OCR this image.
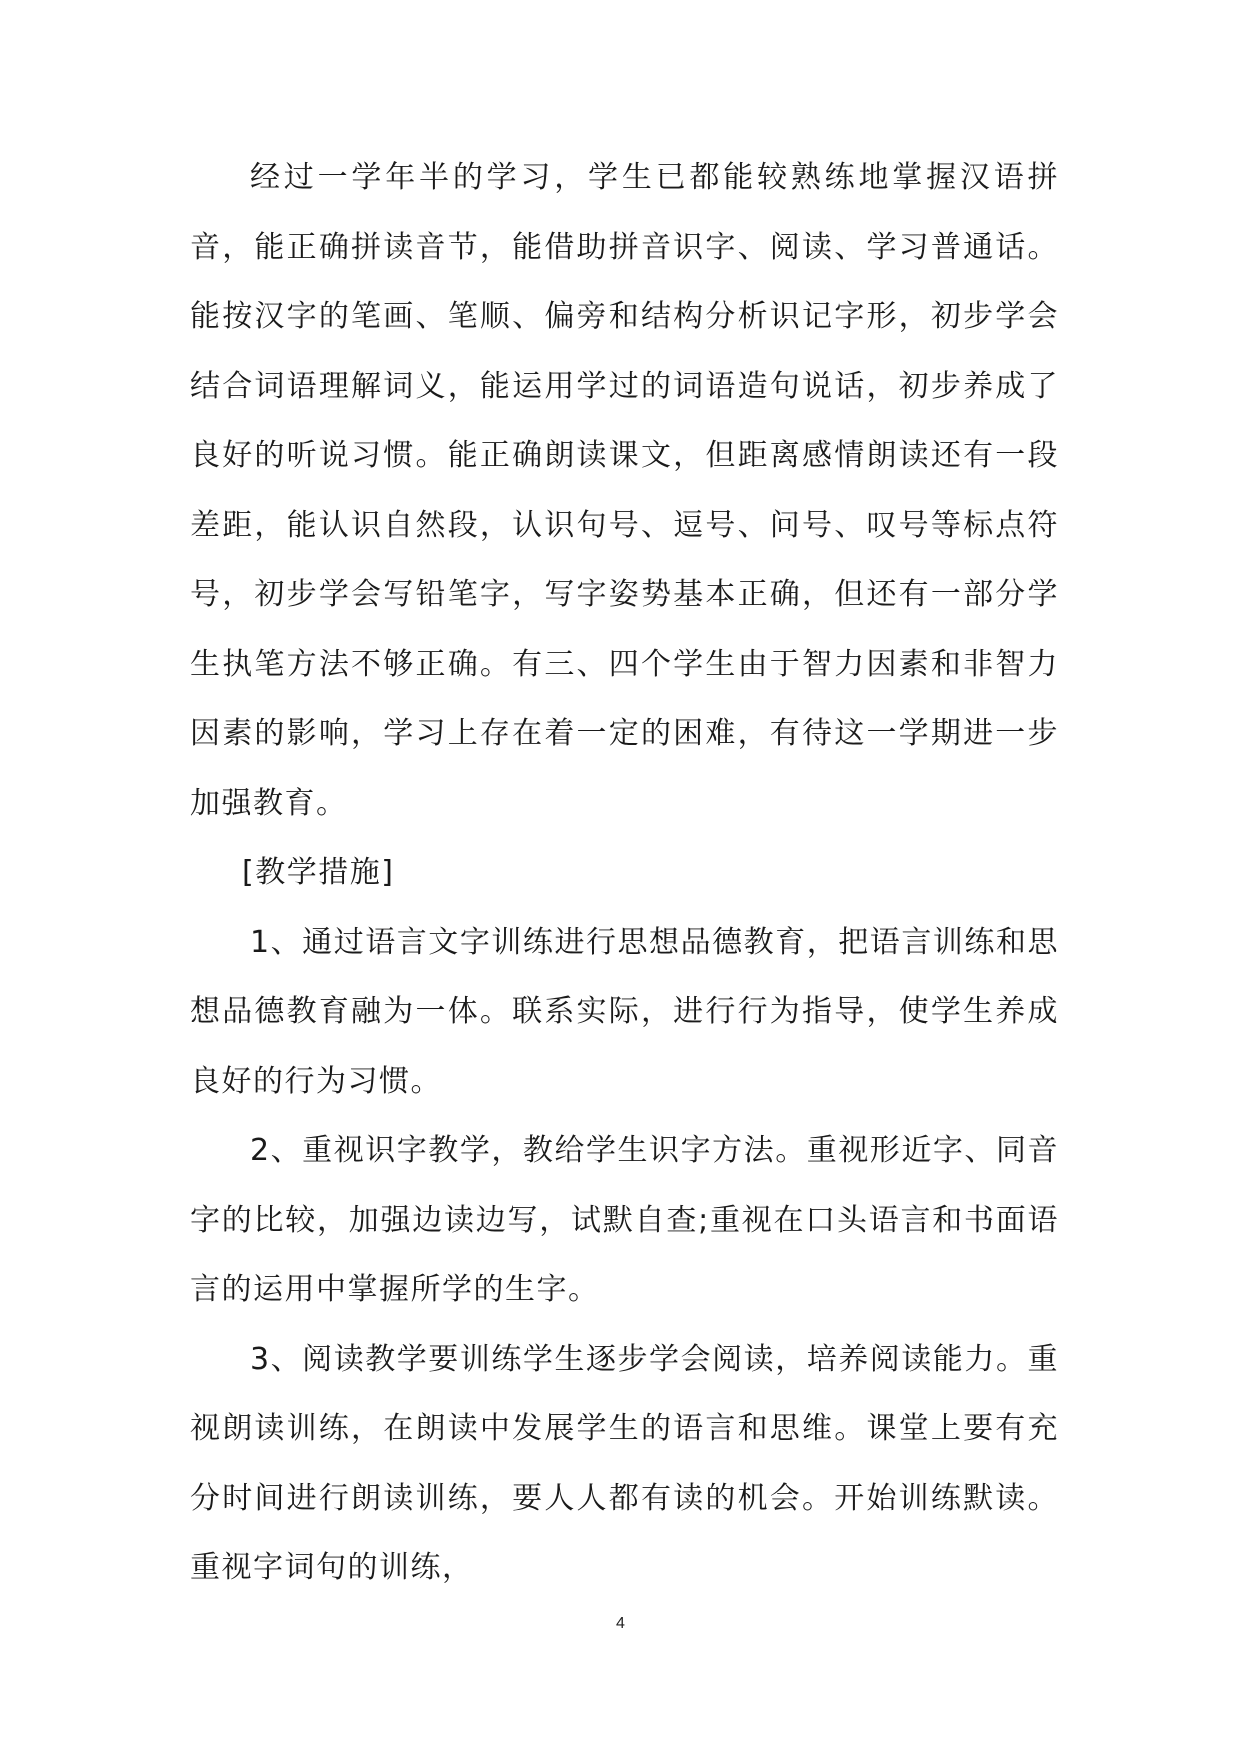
经过一学年半的学习，学生已都能较熟练地掌握汉语拼音，能正确拼读音节，能借助拼音识字、阅读、学习普通话。能按汉字的笔画、笔顺、偏旁和结构分析识记字形，初步学会结合词语理解词义，能运用学过的词语造句说话，初步养成了良好的听说习惯。能正确朗读课文，但距离感情朗读还有一段差距，能认识自然段，认识句号、逗号、问号、叹号等标点符号，初步学会写铅笔字，写字姿势基本正确，但还有一部分学生执笔方法不够正确。有三、四个学生由于智力因素和非智力因素的影响，学习上存在着一定的困难，有待这一学期进一步加强教育。

[教学措施]

1、通过语言文字训练进行思想品德教育，把语言训练和思想品德教育融为一体。联系实际，进行行为指导，使学生养成良好的行为习惯。

2、重视识字教学，教给学生识字方法。重视形近字、同音字的比较，加强边读边写，试默自查;重视在口头语言和书面语言的运用中掌握所学的生字。

3、阅读教学要训练学生逐步学会阅读，培养阅读能力。重视朗读训练，在朗读中发展学生的语言和思维。课堂上要有充分时间进行朗读训练，要人人都有读的机会。开始训练默读。重视字词句的训练，

4
